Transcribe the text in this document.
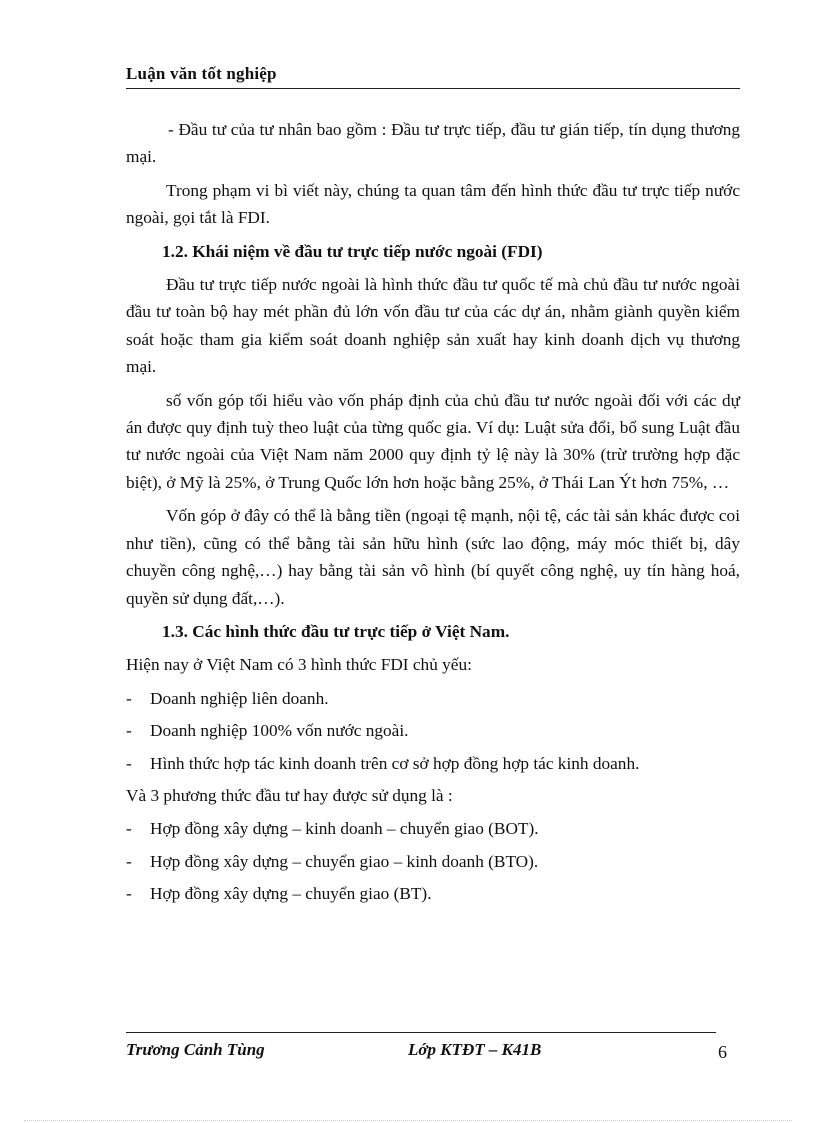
Luận văn tốt nghiệp

- Đầu tư của tư nhân bao gồm : Đầu tư trực tiếp, đầu tư gián tiếp, tín dụng thương mại.

Trong phạm vi bì viết này, chúng ta quan tâm đến hình thức đầu tư trực tiếp nước ngoài, gọi tắt là FDI.

1.2. Khái niệm về đầu tư trực tiếp nước ngoài (FDI)

Đầu tư trực tiếp nước ngoài là hình thức đầu tư quốc tế mà chủ đầu tư nước ngoài đầu tư toàn bộ hay mét phần đủ lớn vốn đầu tư của các dự án, nhằm giành quyền kiểm soát hoặc tham gia kiểm soát doanh nghiệp sản xuất hay kinh doanh dịch vụ thương mại.

số vốn góp tối hiểu vào vốn pháp định của chủ đầu tư nước ngoài đối với các dự án được quy định tuỳ theo luật của từng quốc gia. Ví dụ: Luật sửa đổi, bổ sung Luật đầu tư nước ngoài của Việt Nam năm 2000 quy định tỷ lệ này là 30% (trừ trường hợp đặc biệt), ở Mỹ là 25%, ở Trung Quốc lớn hơn hoặc bằng 25%, ở Thái Lan Ýt hơn 75%, …

Vốn góp ở đây có thể là bằng tiền (ngoại tệ mạnh, nội tệ, các tài sản khác được coi như tiền), cũng có thể bằng tài sản hữu hình (sức lao động, máy móc thiết bị, dây chuyền công nghệ,…) hay bằng tài sản vô hình (bí quyết công nghệ, uy tín hàng hoá, quyền sử dụng đất,…).

1.3. Các hình thức đầu tư trực tiếp ở Việt Nam.

Hiện nay ở Việt Nam có 3 hình thức FDI chủ yếu:

-	Doanh nghiệp liên doanh.
-	Doanh nghiệp 100% vốn nước ngoài.
-	Hình thức hợp tác kinh doanh trên cơ sở hợp đồng hợp tác kinh doanh.

Và 3 phương thức đầu tư hay được sử dụng là :

-	Hợp đồng xây dựng – kinh doanh – chuyển giao (BOT).
-	Hợp đồng xây dựng – chuyển giao – kinh doanh (BTO).
-	Hợp đồng xây dựng – chuyển giao (BT).
Trương Cảnh Tùng	Lớp KTĐT – K41B	6
